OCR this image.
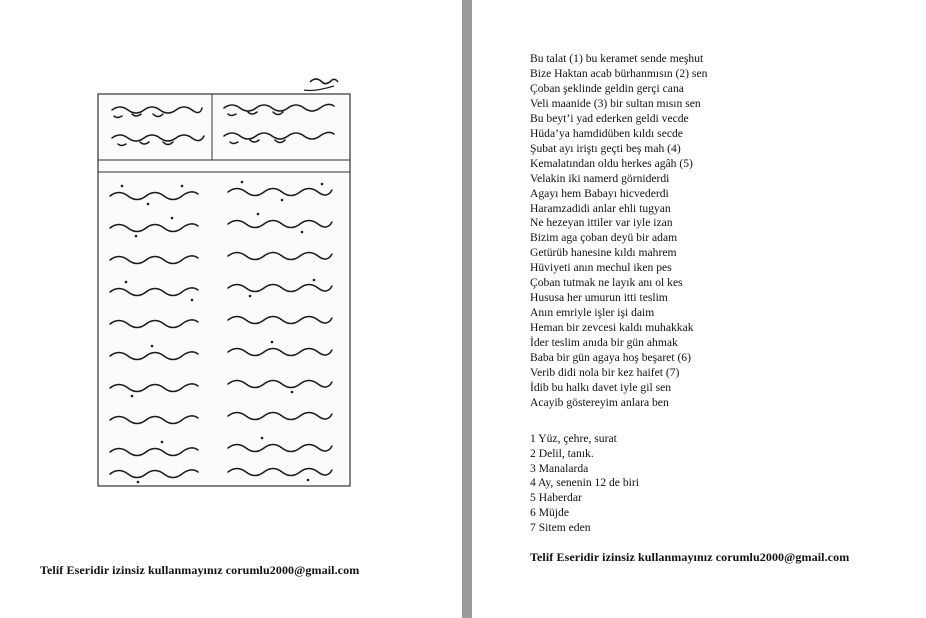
Telif Eseridir izinsiz kullanmayınız corumlu2000@gmail.com
Bu talat (1) bu keramet sende meşhut
Bize Haktan acab bürhanmısın (2) sen
Çoban şeklinde geldin gerçi cana
Veli maanide (3) bir sultan mısın sen
Bu beyt’i yad ederken geldi vecde
Hüda’ya hamdidüben kıldı secde
Şubat ayı iriştı geçti beş mah (4)
Kemalatından oldu herkes agâh (5)
Velakin iki namerd görniderdi
Agayı hem Babayı hicvederdi
Haramzadidi anlar ehli tugyan
Ne hezeyan ittiler var iyle izan
Bizim aga çoban deyü bir adam
Getürüb hanesine kıldı mahrem
Hüviyeti anın mechul iken pes
Çoban tutmak ne layık anı ol kes
Hususa her umurun itti teslim
Anın emriyle işler işi daim
Heman bir zevcesi kaldı muhakkak
İder teslim anıda bir gün ahmak
Baba bir gün agaya hoş beşaret (6)
Verib didi nola bir kez haifet (7)
İdib bu halkı davet iyle gil sen
Acayib göstereyim anlara ben
1 Yüz, çehre, surat
2 Delil, tanık.
3 Manalarda
4 Ay, senenin 12 de biri
5 Haberdar
6 Müjde
7 Sitem eden
Telif Eseridir izinsiz kullanmayınız corumlu2000@gmail.com
